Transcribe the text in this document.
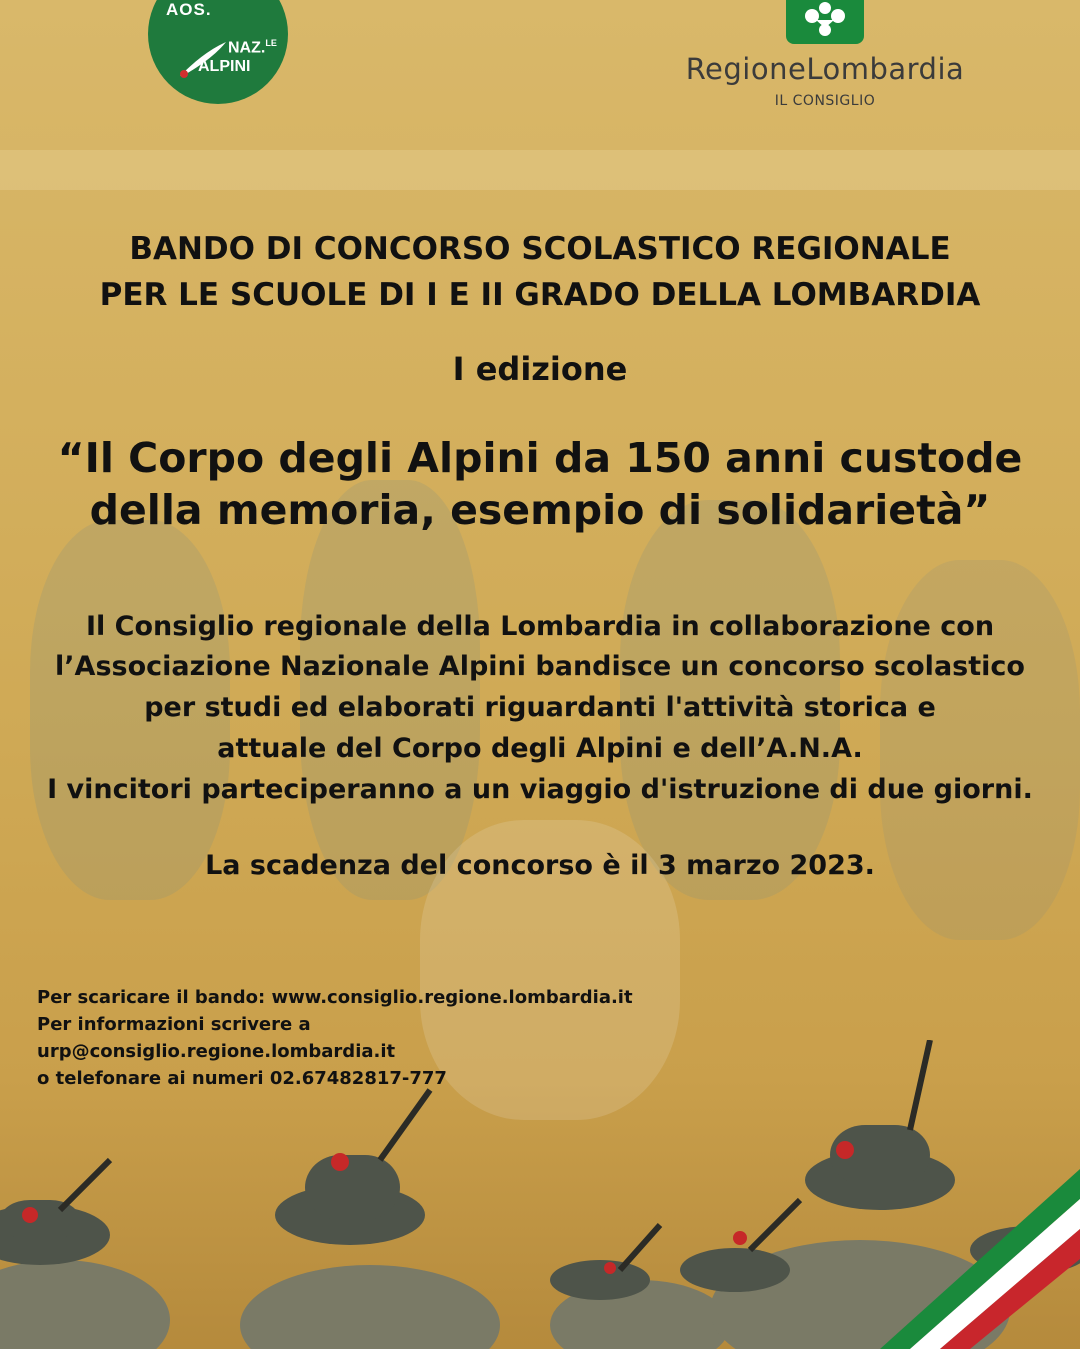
AOS.
NAZ.$^{LE}$
ALPINI	RegioneLombardia
IL CONSIGLIO
BANDO DI CONCORSO SCOLASTICO REGIONALE
PER LE SCUOLE DI I E II GRADO DELLA LOMBARDIA
I edizione
“Il Corpo degli Alpini da 150 anni custode
della memoria, esempio di solidarietà”
Il Consiglio regionale della Lombardia in collaborazione con
l’Associazione Nazionale Alpini bandisce un concorso scolastico
per studi ed elaborati riguardanti l'attività storica e
attuale del Corpo degli Alpini e dell’A.N.A.
I vincitori parteciperanno a un viaggio d'istruzione di due giorni.
La scadenza del concorso è il 3 marzo 2023.
Per scaricare il bando: www.consiglio.regione.lombardia.it
Per informazioni scrivere a
urp@consiglio.regione.lombardia.it
o telefonare ai numeri 02.67482817-777
